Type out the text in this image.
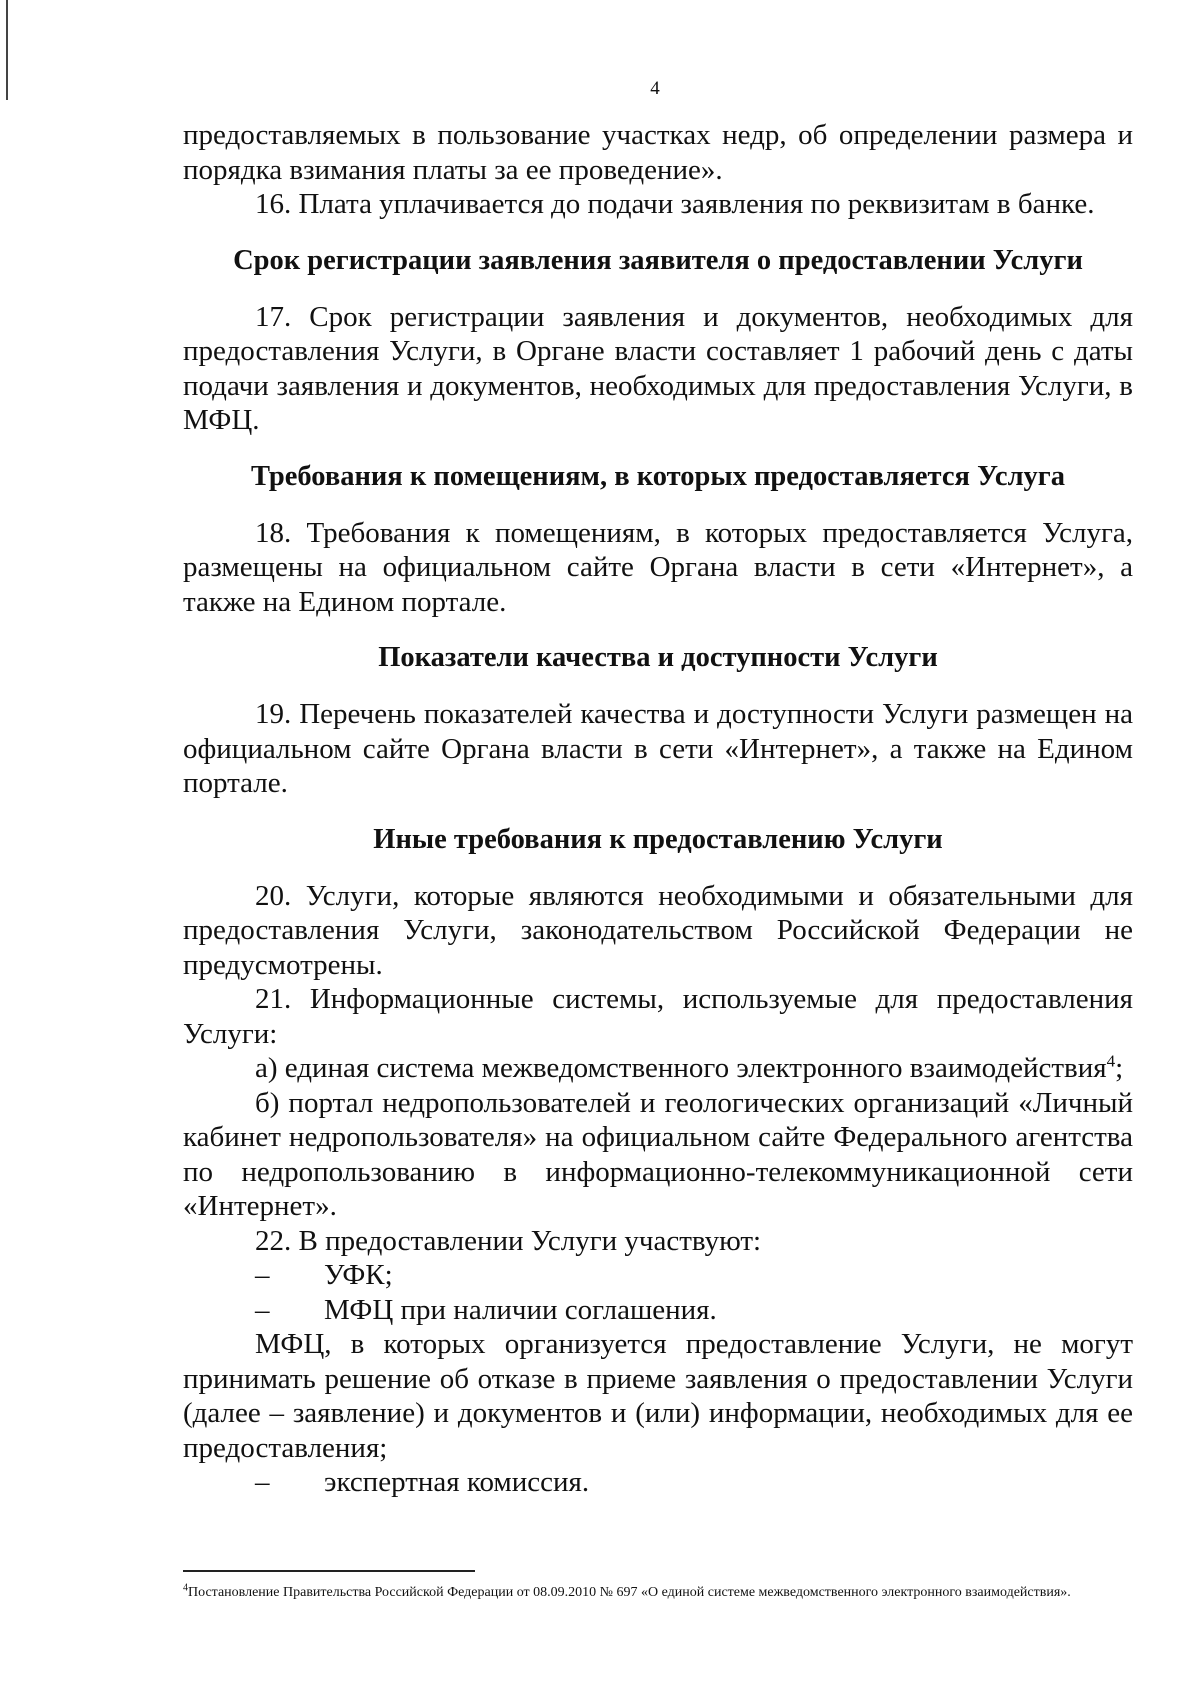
4

предоставляемых в пользование участках недр, об определении размера и порядка взимания платы за ее проведение».

16. Плата уплачивается до подачи заявления по реквизитам в банке.

Срок регистрации заявления заявителя о предоставлении Услуги

17. Срок регистрации заявления и документов, необходимых для предоставления Услуги, в Органе власти составляет 1 рабочий день с даты подачи заявления и документов, необходимых для предоставления Услуги, в МФЦ.

Требования к помещениям, в которых предоставляется Услуга

18. Требования к помещениям, в которых предоставляется Услуга, размещены на официальном сайте Органа власти в сети «Интернет», а также на Едином портале.

Показатели качества и доступности Услуги

19. Перечень показателей качества и доступности Услуги размещен на официальном сайте Органа власти в сети «Интернет», а также на Едином портале.

Иные требования к предоставлению Услуги

20. Услуги, которые являются необходимыми и обязательными для предоставления Услуги, законодательством Российской Федерации не предусмотрены.

21. Информационные системы, используемые для предоставления Услуги:

а) единая система межведомственного электронного взаимодействия$^4$;

б) портал недропользователей и геологических организаций «Личный кабинет недропользователя» на официальном сайте Федерального агентства по недропользованию в информационно-телекоммуникационной сети «Интернет».

22. В предоставлении Услуги участвуют:

–	УФК;
–	МФЦ при наличии соглашения.

МФЦ, в которых организуется предоставление Услуги, не могут принимать решение об отказе в приеме заявления о предоставлении Услуги (далее – заявление) и документов и (или) информации, необходимых для ее предоставления;

–	экспертная комиссия.
$^4$Постановление Правительства Российской Федерации от 08.09.2010 № 697 «О единой системе межведомственного электронного взаимодействия».
